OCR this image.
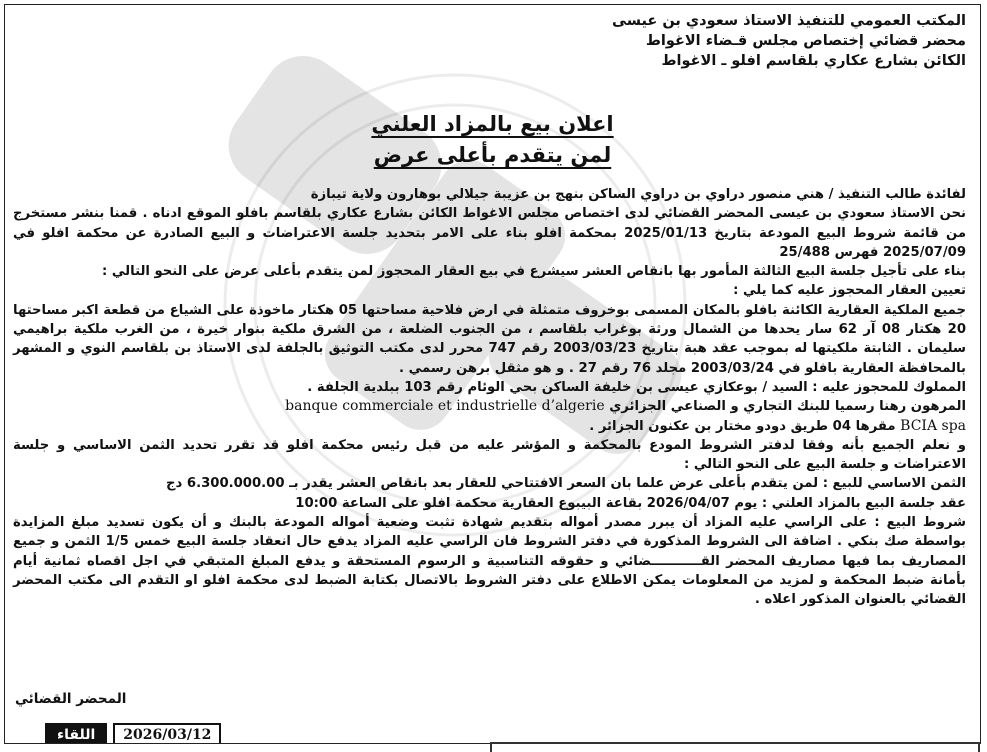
المكتب العمومي للتنفيذ الاستاذ سعودي بن عيسى
محضر قضائي إختصاص مجلس قـضاء الاغواط
الكائن بشارع عكاري بلقاسم افلو ـ الاغواط
اعلان بيع بالمزاد العلني
لمن يتقدم بأعلى عرض

لفائدة طالب التنفيذ / هني منصور دراوي بن دراوي الساكن بنهج بن عزيبة جيلالي بوهارون ولاية تيبازة

نحن الاستاذ سعودي بن عيسى المحضر القضائي لدى اختصاص مجلس الاغواط الكائن بشارع عكاري بلقاسم بافلو الموقع ادناه . قمنا بنشر مستخرج من قائمة شروط البيع المودعة بتاريخ 2025/01/13 بمحكمة افلو بناء على الامر بتحديد جلسة الاعتراضات و البيع الصادرة عن محكمة افلو في 2025/07/09 فهرس 25/488

بناء على تأجيل جلسة البيع الثالثة المأمور بها بانقاص العشر سيشرع في بيع العقار المحجوز لمن يتقدم بأعلى عرض على النحو التالي :

تعيين العقار المحجوز عليه كما يلي :

جميع الملكية العقارية الكائنة بافلو بالمكان المسمى بوخروف متمثلة في ارض فلاحية مساحتها 05 هكتار ماخوذة على الشياع من قطعة اكبر مساحتها 20 هكتار 08 آر 62 سار يحدها من الشمال ورثة بوغراب بلقاسم ، من الجنوب الضلعة ، من الشرق ملكية بنوار خيرة ، من الغرب ملكية براهيمي سليمان . الثابتة ملكيتها له بموجب عقد هبة بتاريخ 2003/03/23 رقم 747 محرر لدى مكتب التوثيق بالجلفة لدى الاستاذ بن بلقاسم النوي و المشهر بالمحافظة العقارية بافلو في 2003/03/24 مجلد 76 رقم 27 . و هو مثقل برهن رسمي .

المملوك للمحجوز عليه : السيد / بوعكازي عيسى بن خليفة الساكن بحي الوئام رقم 103 ببلدية الجلفة .

المرهون رهنا رسميا للبنك التجاري و الصناعي الجزائري banque commerciale et industrielle d’algerie

BCIA spa مقرها 04 طريق دودو مختار بن عكنون الجزائر .

و نعلم الجميع بأنه وفقا لدفتر الشروط المودع بالمحكمة و المؤشر عليه من قبل رئيس محكمة افلو قد تقرر تحديد الثمن الاساسي و جلسة الاعتراضات و جلسة البيع على النحو التالي :

الثمن الاساسي للبيع : لمن يتقدم بأعلى عرض علما بان السعر الافتتاحي للعقار بعد بانقاص العشر يقدر بـ 6.300.000.00 دج

عقد جلسة البيع بالمزاد العلني : يوم 2026/04/07 بقاعة البيبوع العقارية محكمة افلو على الساعة 10:00

شروط البيع : على الراسي عليه المزاد أن يبرر مصدر أمواله بتقديم شهادة تثبت وضعية أمواله المودعة بالبنك و أن يكون تسديد مبلغ المزايدة بواسطة صك بنكي . اضافة الى الشروط المذكورة في دفتر الشروط فان الراسي عليه المزاد يدفع حال انعقاد جلسة البيع خمس 1/5 الثمن و جميع المصاريف بما فيها مصاريف المحضر القـــــــــــضائي و حقوقه التناسبية و الرسوم المستحقة و يدفع المبلغ المتبقي في اجل اقصاه ثمانية أيام بأمانة ضبط المحكمة و لمزيد من المعلومات يمكن الاطلاع على دفتر الشروط بالاتصال بكتابة الضبط لدى محكمة افلو او التقدم الى مكتب المحضر القضائي بالعنوان المذكور اعلاه .

المحضر القضائي
اللقاء	2026/03/12
